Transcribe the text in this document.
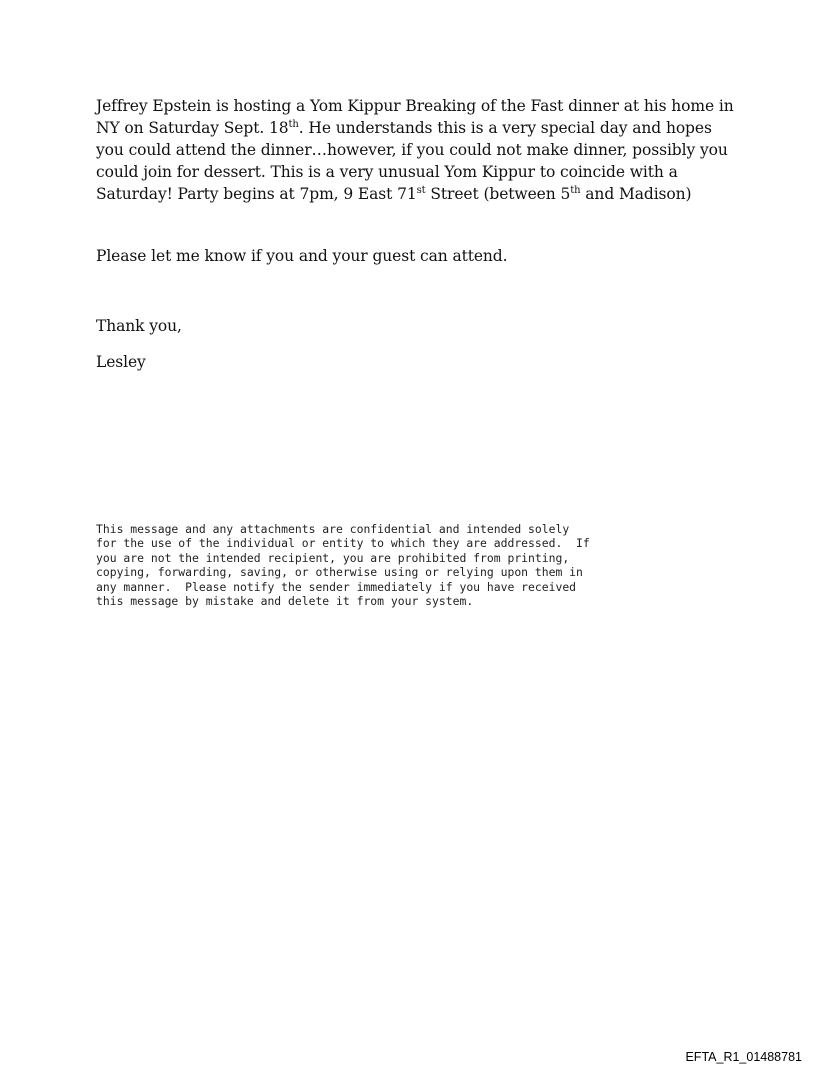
Jeffrey Epstein is hosting a Yom Kippur Breaking of the Fast dinner at his home in NY on Saturday Sept. 18th. He understands this is a very special day and hopes you could attend the dinner…however, if you could not make dinner, possibly you could join for dessert. This is a very unusual Yom Kippur to coincide with a Saturday! Party begins at 7pm, 9 East 71st Street (between 5th and Madison)

Please let me know if you and your guest can attend.

Thank you,

Lesley

This message and any attachments are confidential and intended solely
for the use of the individual or entity to which they are addressed.  If
you are not the intended recipient, you are prohibited from printing,
copying, forwarding, saving, or otherwise using or relying upon them in
any manner.  Please notify the sender immediately if you have received
this message by mistake and delete it from your system.
EFTA_R1_01488781
